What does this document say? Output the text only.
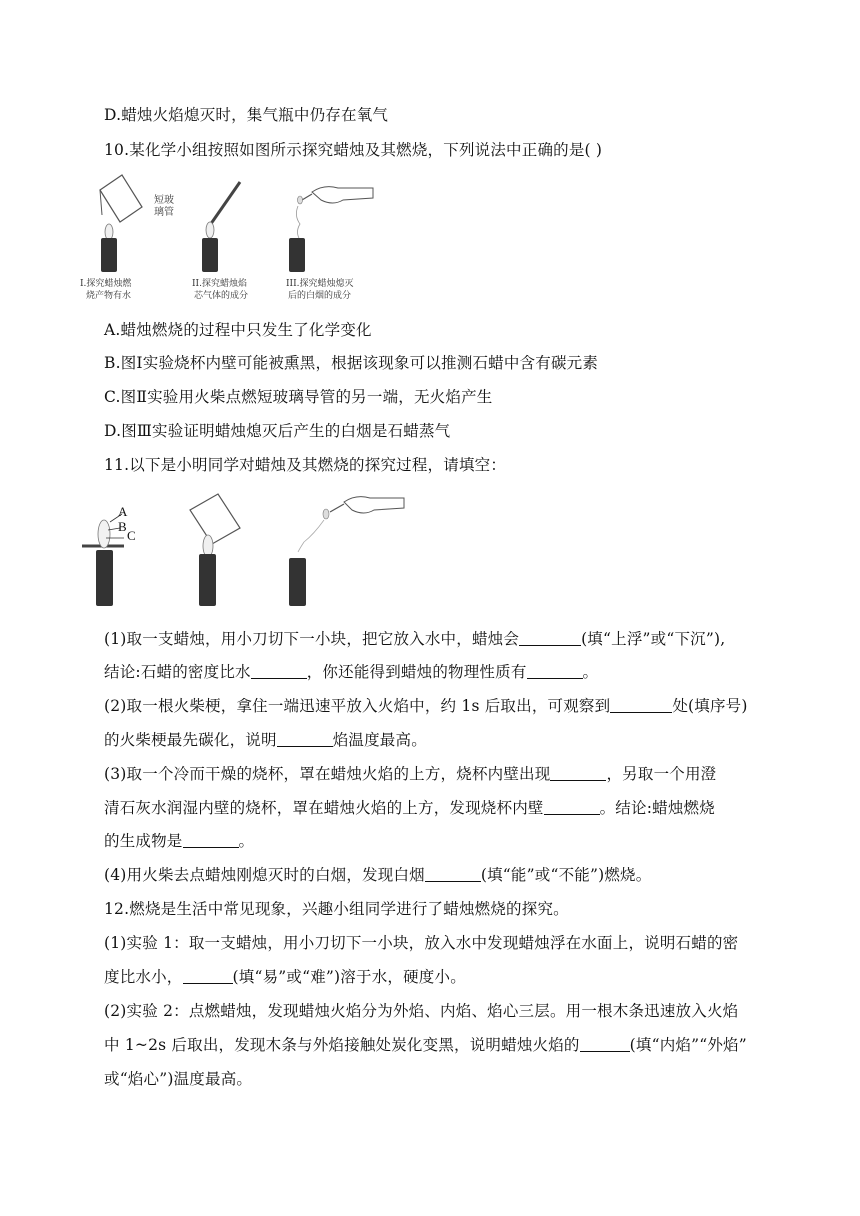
D.蜡烛火焰熄灭时，集气瓶中仍存在氧气
10.某化学小组按照如图所示探究蜡烛及其燃烧，下列说法中正确的是( )
短玻
璃管
I.探究蜡烛燃
烧产物有水
II.探究蜡烛焰
芯气体的成分
III.探究蜡烛熄灭
后的白烟的成分
A.蜡烛燃烧的过程中只发生了化学变化
B.图Ⅰ实验烧杯内壁可能被熏黑，根据该现象可以推测石蜡中含有碳元素
C.图Ⅱ实验用火柴点燃短玻璃导管的另一端，无火焰产生
D.图Ⅲ实验证明蜡烛熄灭后产生的白烟是石蜡蒸气
11.以下是小明同学对蜡烛及其燃烧的探究过程，请填空：
A
B
C
(1)取一支蜡烛，用小刀切下一小块，把它放入水中，蜡烛会	(填“上浮”或“下沉”),
结论:石蜡的密度比水	，你还能得到蜡烛的物理性质有	。
(2)取一根火柴梗，拿住一端迅速平放入火焰中，约 1s 后取出，可观察到	处(填序号)
的火柴梗最先碳化，说明	焰温度最高。
(3)取一个冷而干燥的烧杯，罩在蜡烛火焰的上方，烧杯内壁出现	，另取一个用澄
清石灰水润湿内壁的烧杯，罩在蜡烛火焰的上方，发现烧杯内壁	。结论:蜡烛燃烧
的生成物是	。
(4)用火柴去点蜡烛刚熄灭时的白烟，发现白烟	(填“能”或“不能”)燃烧。
12.燃烧是生活中常见现象，兴趣小组同学进行了蜡烛燃烧的探究。
(1)实验 1：取一支蜡烛，用小刀切下一小块，放入水中发现蜡烛浮在水面上，说明石蜡的密
度比水小，	(填“易”或“难”)溶于水，硬度小。
(2)实验 2：点燃蜡烛，发现蜡烛火焰分为外焰、内焰、焰心三层。用一根木条迅速放入火焰
中 1~2s 后取出，发现木条与外焰接触处炭化变黑，说明蜡烛火焰的	(填“内焰”“外焰”
或“焰心”)温度最高。
